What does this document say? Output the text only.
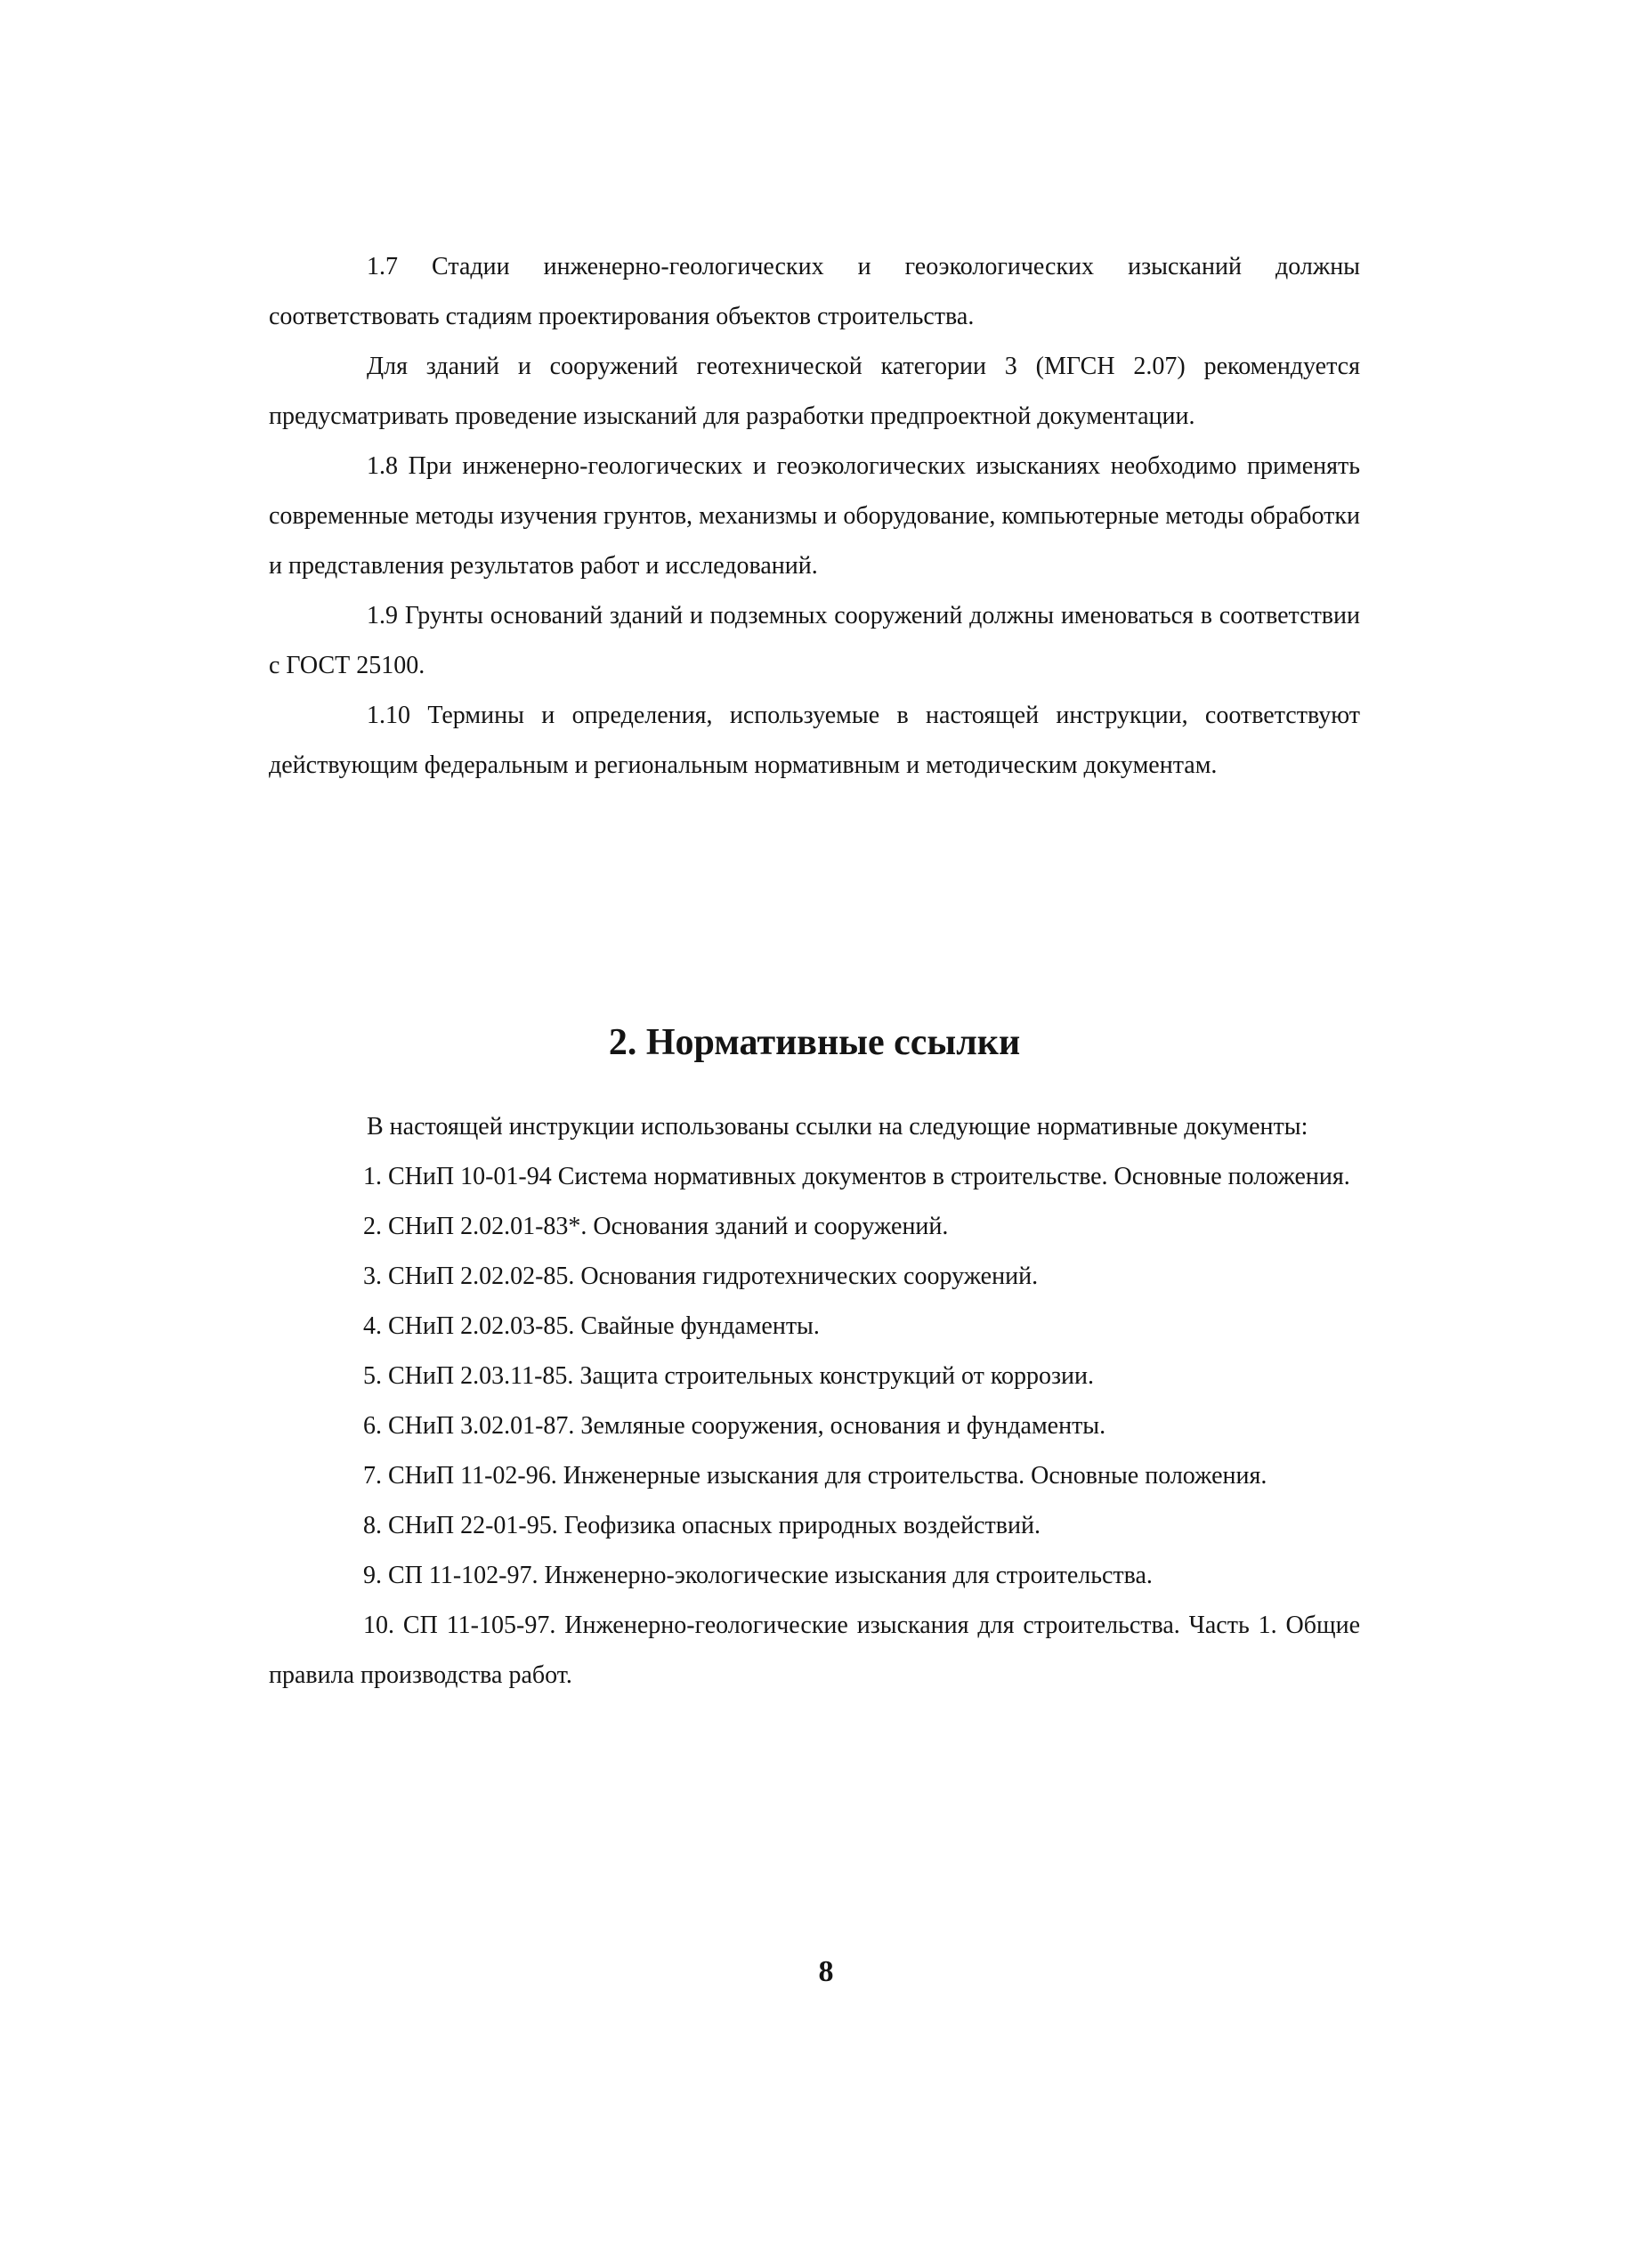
1.7 Стадии инженерно-геологических и геоэкологических изысканий должны соответствовать стадиям проектирования объектов строительства.

Для зданий и сооружений геотехнической категории 3 (МГСН 2.07) рекомендуется предусматривать проведение изысканий для разработки предпроектной документации.

1.8 При инженерно-геологических и геоэкологических изысканиях необходимо применять современные методы изучения грунтов, механизмы и оборудование, компьютерные методы обработки и представления результатов работ и исследований.

1.9 Грунты оснований зданий и подземных сооружений должны именоваться в соответствии с ГОСТ 25100.

1.10 Термины и определения, используемые в настоящей инструкции, соответствуют действующим федеральным и региональным нормативным и методическим документам.

2. Нормативные ссылки

В настоящей инструкции использованы ссылки на следующие нормативные документы:

1. СНиП 10-01-94 Система нормативных документов в строительстве. Основные положения.

2. СНиП 2.02.01-83*. Основания зданий и сооружений.

3. СНиП 2.02.02-85. Основания гидротехнических сооружений.

4. СНиП 2.02.03-85. Свайные фундаменты.

5. СНиП 2.03.11-85. Защита строительных конструкций от коррозии.

6. СНиП 3.02.01-87. Земляные сооружения, основания и фундаменты.

7. СНиП 11-02-96. Инженерные изыскания для строительства. Основные положения.

8. СНиП 22-01-95. Геофизика опасных природных воздействий.

9. СП 11-102-97. Инженерно-экологические изыскания для строительства.

10. СП 11-105-97. Инженерно-геологические изыскания для строительства. Часть 1. Общие правила производства работ.

8
